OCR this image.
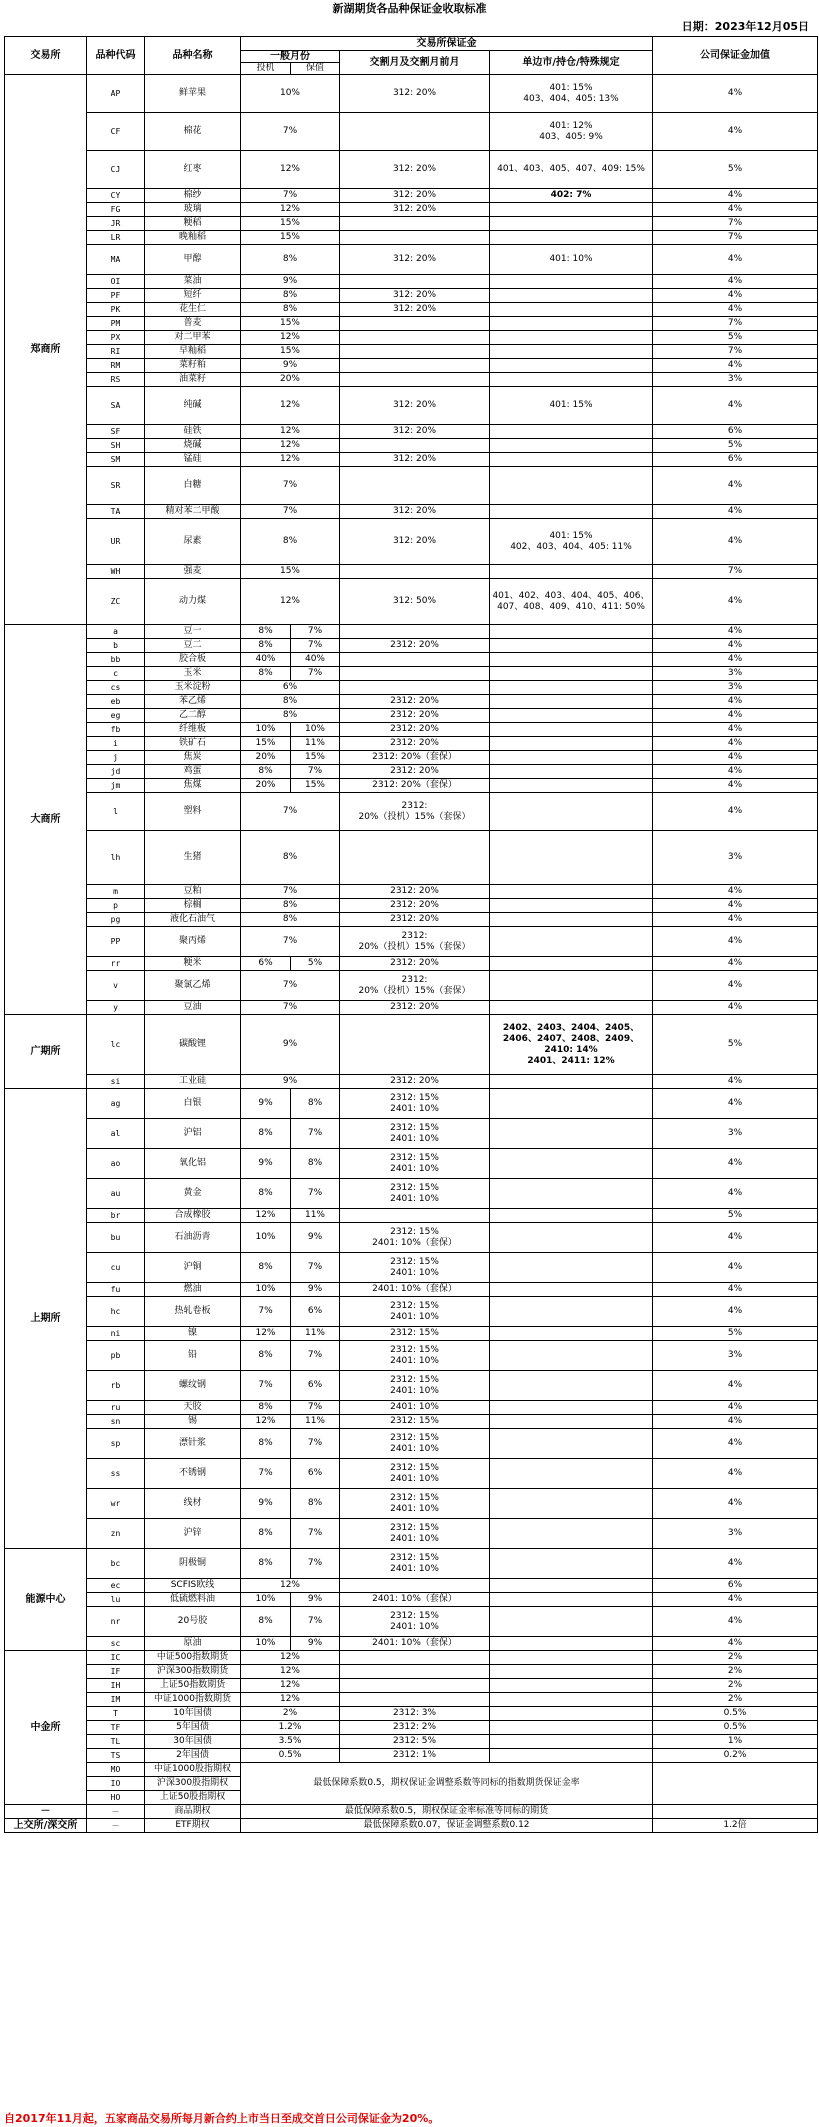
新湖期货各品种保证金收取标准
日期：2023年12月05日
交易所	品种代码	品种名称	交易所保证金				公司保证金加值
			一般月份		交割月及交割月前月	单边市/持仓/特殊规定	
			投机	保值			
郑商所	AP	鲜苹果	10%		312: 20%	401: 15%
403、404、405: 13%	4%
	CF	棉花	7%			401: 12%
403、405: 9%	4%
	CJ	红枣	12%		312: 20%	401、403、405、407、409: 15%	5%
	CY	棉纱	7%		312: 20%	402: 7%	4%
	FG	玻璃	12%		312: 20%		4%
	JR	粳稻	15%				7%
	LR	晚籼稻	15%				7%
	MA	甲醇	8%		312: 20%	401: 10%	4%
	OI	菜油	9%				4%
	PF	短纤	8%		312: 20%		4%
	PK	花生仁	8%		312: 20%		4%
	PM	普麦	15%				7%
	PX	对二甲苯	12%				5%
	RI	早籼稻	15%				7%
	RM	菜籽粕	9%				4%
	RS	油菜籽	20%				3%
	SA	纯碱	12%		312: 20%	401: 15%	4%
	SF	硅铁	12%		312: 20%		6%
	SH	烧碱	12%				5%
	SM	锰硅	12%		312: 20%		6%
	SR	白糖	7%				4%
	TA	精对苯二甲酸	7%		312: 20%		4%
	UR	尿素	8%		312: 20%	401: 15%
402、403、404、405: 11%	4%
	WH	强麦	15%				7%
	ZC	动力煤	12%		312: 50%	401、402、403、404、405、406、407、408、409、410、411: 50%	4%
大商所	a	豆一	8%	7%			4%
	b	豆二	8%	7%	2312: 20%		4%
	bb	胶合板	40%	40%			4%
	c	玉米	8%	7%			3%
	cs	玉米淀粉	6%				3%
	eb	苯乙烯	8%		2312: 20%		4%
	eg	乙二醇	8%		2312: 20%		4%
	fb	纤维板	10%	10%	2312: 20%		4%
	i	铁矿石	15%	11%	2312: 20%		4%
	j	焦炭	20%	15%	2312: 20%（套保）		4%
	jd	鸡蛋	8%	7%	2312: 20%		4%
	jm	焦煤	20%	15%	2312: 20%（套保）		4%
	l	塑料	7%		2312:
20%（投机）15%（套保）		4%
	lh	生猪	8%				3%
	m	豆粕	7%		2312: 20%		4%
	p	棕榈	8%		2312: 20%		4%
	pg	液化石油气	8%		2312: 20%		4%
	PP	聚丙烯	7%		2312:
20%（投机）15%（套保）		4%
	rr	粳米	6%	5%	2312: 20%		4%
	v	聚氯乙烯	7%		2312:
20%（投机）15%（套保）		4%
	y	豆油	7%		2312: 20%		4%
广期所	lc	碳酸锂	9%			2402、2403、2404、2405、2406、2407、2408、2409、2410: 14%
2401、2411: 12%	5%
	si	工业硅	9%		2312: 20%		4%
上期所	ag	白银	9%	8%	2312: 15%
2401: 10%		4%
	al	沪铝	8%	7%	2312: 15%
2401: 10%		3%
	ao	氧化铝	9%	8%	2312: 15%
2401: 10%		4%
	au	黄金	8%	7%	2312: 15%
2401: 10%		4%
	br	合成橡胶	12%	11%			5%
	bu	石油沥青	10%	9%	2312: 15%
2401: 10%（套保）		4%
	cu	沪铜	8%	7%	2312: 15%
2401: 10%		4%
	fu	燃油	10%	9%	2401: 10%（套保）		4%
	hc	热轧卷板	7%	6%	2312: 15%
2401: 10%		4%
	ni	镍	12%	11%	2312: 15%		5%
	pb	铅	8%	7%	2312: 15%
2401: 10%		3%
	rb	螺纹钢	7%	6%	2312: 15%
2401: 10%		4%
	ru	天胶	8%	7%	2401: 10%		4%
	sn	锡	12%	11%	2312: 15%		4%
	sp	漂针浆	8%	7%	2312: 15%
2401: 10%		4%
	ss	不锈钢	7%	6%	2312: 15%
2401: 10%		4%
	wr	线材	9%	8%	2312: 15%
2401: 10%		4%
	zn	沪锌	8%	7%	2312: 15%
2401: 10%		3%
能源中心	bc	阴极铜	8%	7%	2312: 15%
2401: 10%		4%
	ec	SCFIS欧线	12%				6%
	lu	低硫燃料油	10%	9%	2401: 10%（套保）		4%
	nr	20号胶	8%	7%	2312: 15%
2401: 10%		4%
	sc	原油	10%	9%	2401: 10%（套保）		4%
中金所	IC	中证500指数期货	12%				2%
	IF	沪深300指数期货	12%				2%
	IH	上证50指数期货	12%				2%
	IM	中证1000指数期货	12%				2%
	T	10年国债	2%		2312: 3%		0.5%
	TF	5年国债	1.2%		2312: 2%		0.5%
	TL	30年国债	3.5%		2312: 5%		1%
	TS	2年国债	0.5%		2312: 1%		0.2%
	MO	中证1000股指期权	最低保障系数0.5，期权保证金调整系数等同标的指数期货保证金率				
	IO	沪深300股指期权					
	HO	上证50股指期权					
－	－	商品期权	最低保障系数0.5，期权保证金率标准等同标的期货				
上交所/深交所	－	ETF期权	最低保障系数0.07，保证金调整系数0.12				1.2倍
自2017年11月起，五家商品交易所每月新合约上市当日至成交首日公司保证金为20%。
